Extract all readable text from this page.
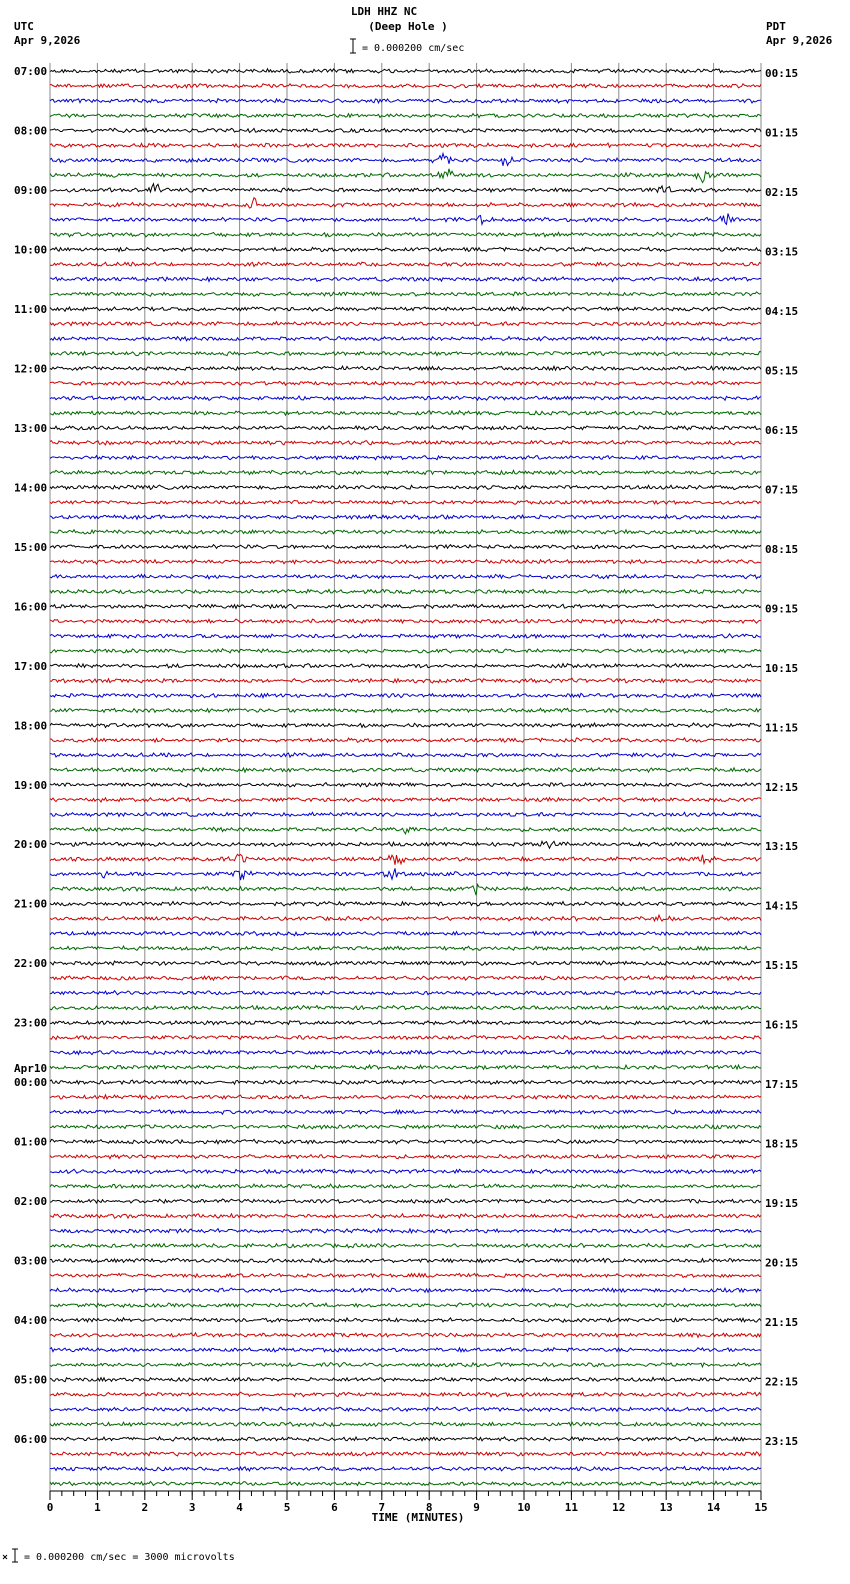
LDH HHZ NC
(Deep Hole )
= 0.000200 cm/sec
UTC
Apr 9,2026
PDT
Apr 9,2026
07:00
08:00
09:00
10:00
11:00
12:00
13:00
14:00
15:00
16:00
17:00
18:00
19:00
20:00
21:00
22:00
23:00
00:00
Apr10
01:00
02:00
03:00
04:00
05:00
06:00
00:15
01:15
02:15
03:15
04:15
05:15
06:15
07:15
08:15
09:15
10:15
11:15
12:15
13:15
14:15
15:15
16:15
17:15
18:15
19:15
20:15
21:15
22:15
23:15
0	1	2	3	4	5	6	7	8	9	10	11	12	13	14	15
TIME (MINUTES)
= 0.000200 cm/sec = 3000 microvolts
